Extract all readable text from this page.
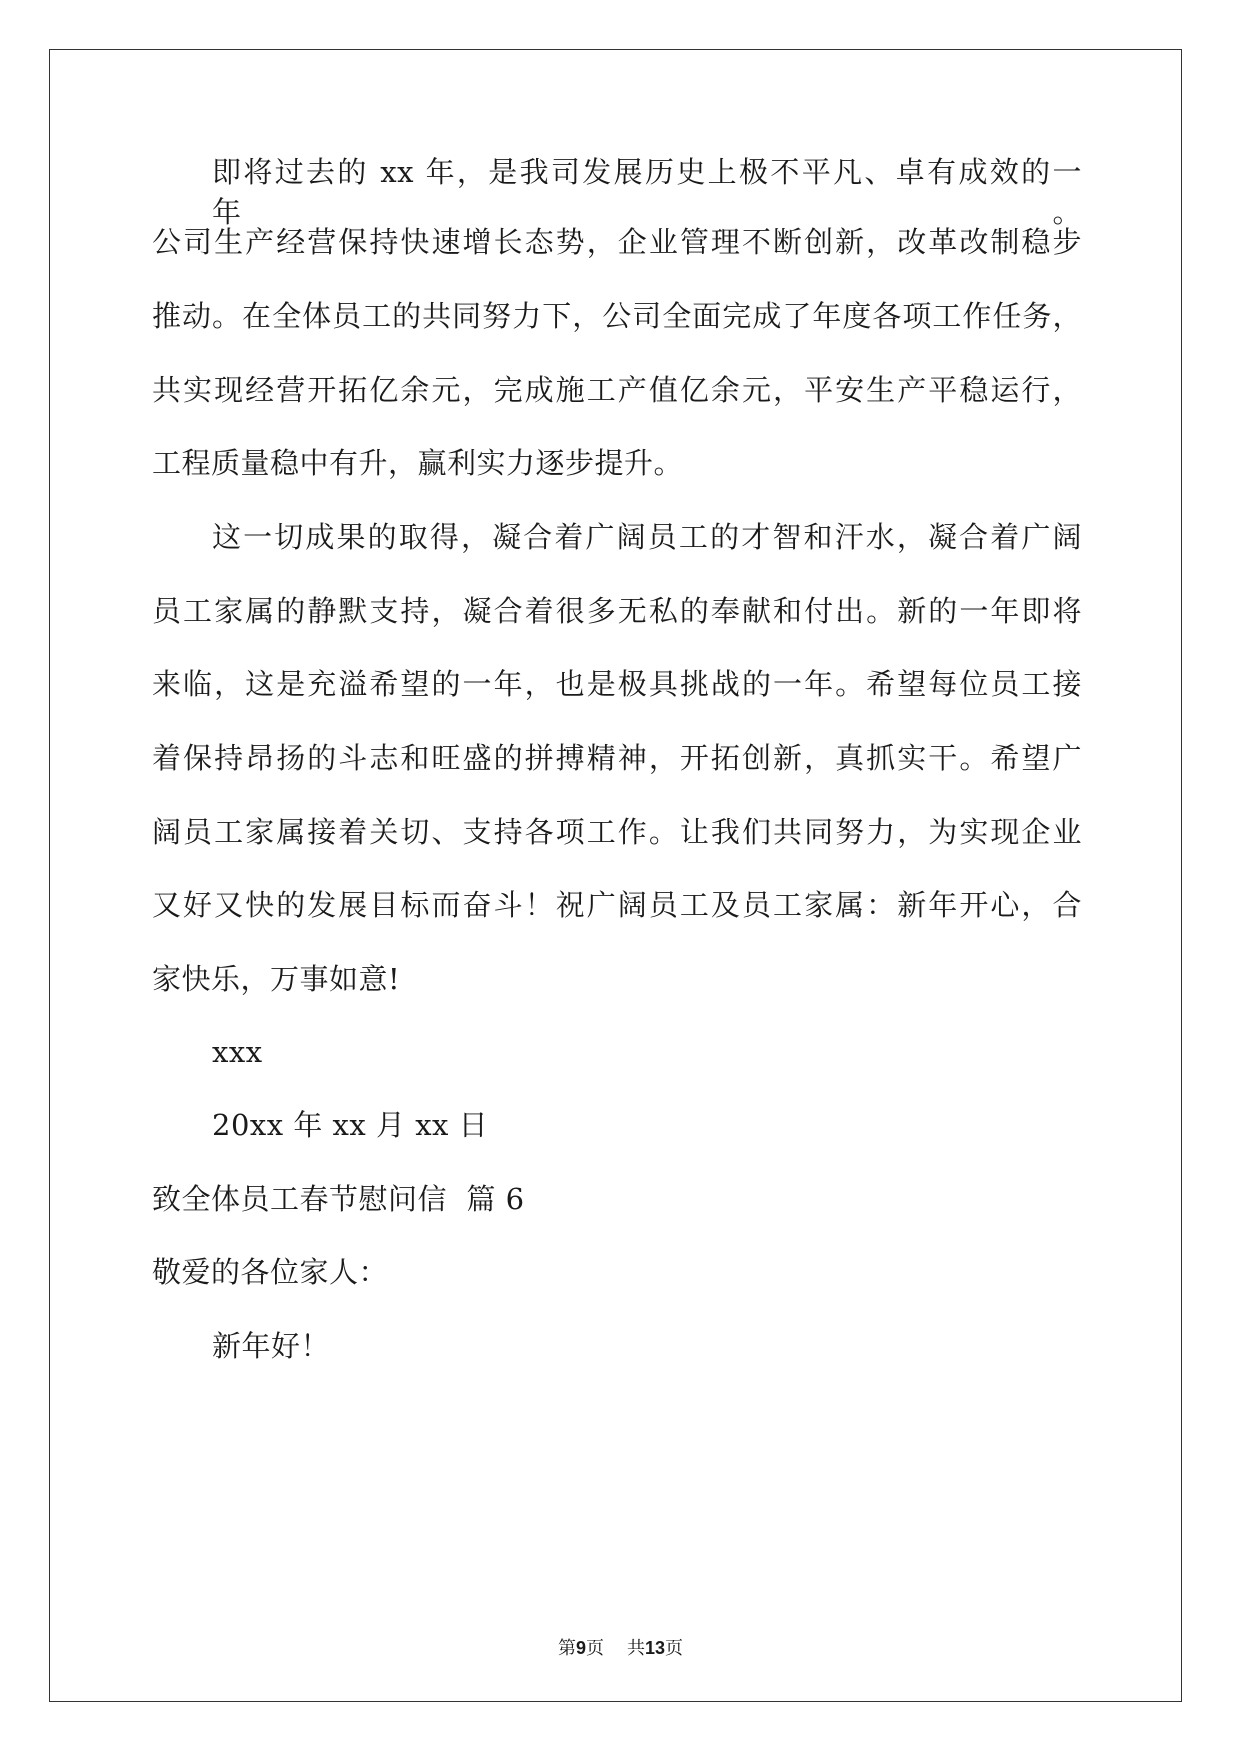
即将过去的 xx 年，是我司发展历史上极不平凡、卓有成效的一年。
公司生产经营保持快速增长态势，企业管理不断创新，改革改制稳步
推动。在全体员工的共同努力下，公司全面完成了年度各项工作任务，
共实现经营开拓亿余元，完成施工产值亿余元，平安生产平稳运行，
工程质量稳中有升，赢利实力逐步提升。
这一切成果的取得，凝合着广阔员工的才智和汗水，凝合着广阔
员工家属的静默支持，凝合着很多无私的奉献和付出。新的一年即将
来临，这是充溢希望的一年，也是极具挑战的一年。希望每位员工接
着保持昂扬的斗志和旺盛的拼搏精神，开拓创新，真抓实干。希望广
阔员工家属接着关切、支持各项工作。让我们共同努力，为实现企业
又好又快的发展目标而奋斗！祝广阔员工及员工家属：新年开心，合
家快乐，万事如意!
xxx
20xx 年 xx 月 xx 日
致全体员工春节慰问信  篇 6
敬爱的各位家人：
新年好！
第9页 共13页
